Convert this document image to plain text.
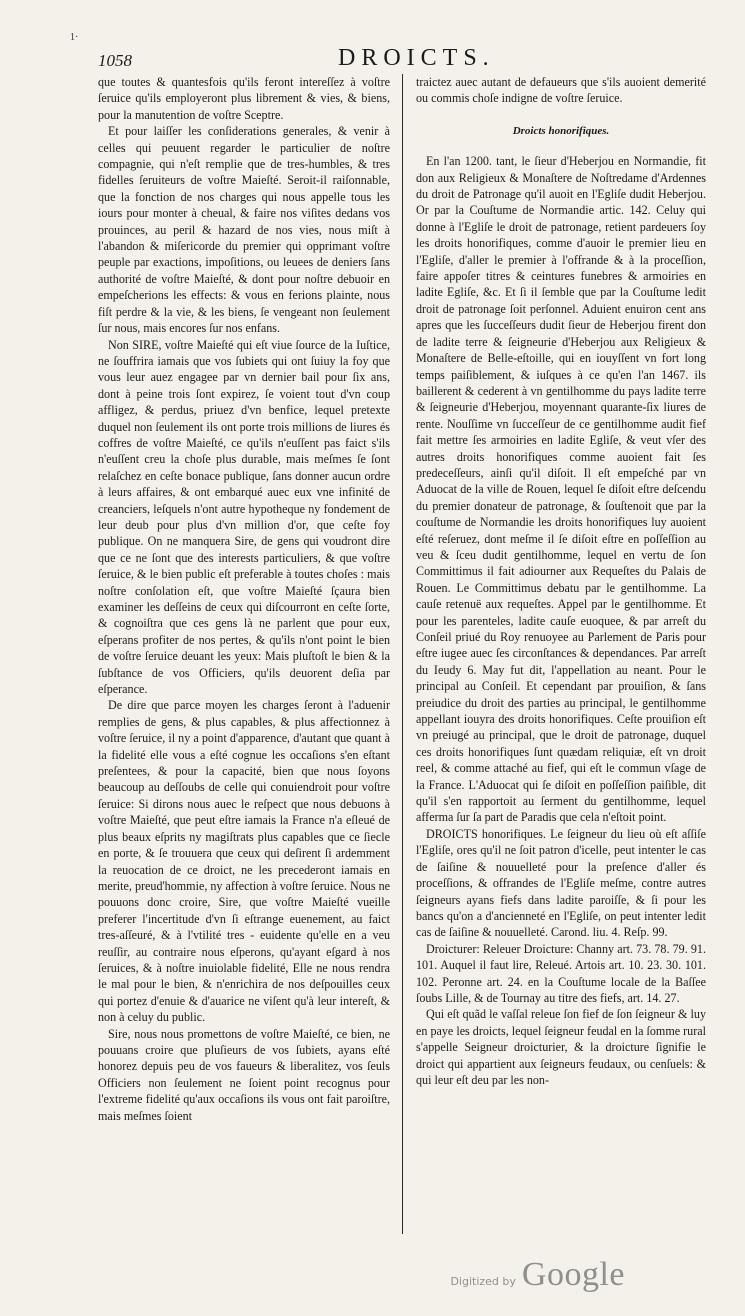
1·
1058	DROICTS.

que toutes & quantesfois qu'ils feront intereſſez à voſtre ſeruice qu'ils employeront plus librement & vies, & biens, pour la manutention de voſtre Sceptre.

Et pour laiſſer les conſiderations generales, & venir à celles qui peuuent regarder le particulier de noſtre compagnie, qui n'eſt remplie que de tres-humbles, & tres fidelles ſeruiteurs de voſtre Maieſté. Seroit-il raiſonnable, que la fonction de nos charges qui nous appelle tous les iours pour monter à cheual, & faire nos viſites dedans vos prouinces, au peril & hazard de nos vies, nous miſt à l'abandon & miſericorde du premier qui opprimant voſtre peuple par exactions, impoſitions, ou leuees de deniers ſans authorité de voſtre Maieſté, & dont pour noſtre debuoir en empeſcherions les effects: & vous en ferions plainte, nous fiſt perdre & la vie, & les biens, ſe vengeant non ſeulement ſur nous, mais encores ſur nos enfans.

Non SIRE, voſtre Maieſté qui eſt viue ſource de la Iuſtice, ne ſouffrira iamais que vos ſubiets qui ont ſuiuy la foy que vous leur auez engagee par vn dernier bail pour ſix ans, dont à peine trois ſont expirez, ſe voient tout d'vn coup affligez, & perdus, priuez d'vn benfice, lequel pretexte duquel non ſeulement ils ont porte trois millions de liures és coffres de voſtre Maieſté, ce qu'ils n'euſſent pas faict s'ils n'euſſent creu la choſe plus durable, mais meſmes ſe ſont relaſchez en ceſte bonace publique, ſans donner aucun ordre à leurs affaires, & ont embarqué auec eux vne infinité de creanciers, leſquels n'ont autre hypotheque ny fondement de leur deub pour plus d'vn million d'or, que ceſte foy publique. On ne manquera Sire, de gens qui voudront dire que ce ne ſont que des interests particuliers, & que voſtre ſeruice, & le bien public eſt preferable à toutes choſes : mais noſtre conſolation eſt, que voſtre Maieſté ſçaura bien examiner les deſſeins de ceux qui diſcourront en ceſte ſorte, & cognoiſtra que ces gens là ne parlent que pour eux, eſperans profiter de nos pertes, & qu'ils n'ont point le bien de voſtre ſeruice deuant les yeux: Mais pluſtoſt le bien & la ſubſtance de vos Officiers, qu'ils deuorent deſia par eſperance.

De dire que parce moyen les charges ſeront à l'aduenir remplies de gens, & plus capables, & plus affectionnez à voſtre ſeruice, il ny a point d'apparence, d'autant que quant à la fidelité elle vous a eſté cognue les occaſions s'en eſtant preſentees, & pour la capacité, bien que nous ſoyons beaucoup au deſſoubs de celle qui conuiendroit pour voſtre ſeruice: Si dirons nous auec le reſpect que nous debuons à voſtre Maieſté, que peut eſtre iamais la France n'a eſleué de plus beaux eſprits ny magiſtrats plus capables que ce ſiecle en porte, & ſe trouuera que ceux qui deſirent ſi ardemment la reuocation de ce droict, ne les precederont iamais en merite, preud'hommie, ny affection à voſtre ſeruice. Nous ne pouuons donc croire, Sire, que voſtre Maieſté vueille preferer l'incertitude d'vn ſi eſtrange euenement, au faict tres-aſſeuré, & à l'vtilité tres - euidente qu'elle en a veu reuſſir, au contraire nous eſperons, qu'ayant eſgard à nos ſeruices, & à noſtre inuiolable fidelité, Elle ne nous rendra le mal pour le bien, & n'enrichira de nos deſpouilles ceux qui portez d'enuie & d'auarice ne viſent qu'à leur intereſt, & non à celuy du public.

Sire, nous nous promettons de voſtre Maieſté, ce bien, ne pouuans croire que pluſieurs de vos ſubiets, ayans eſté honorez depuis peu de vos faueurs & liberalitez, vos ſeuls Officiers non ſeulement ne ſoient point recognus pour l'extreme fidelité qu'aux occaſions ils vous ont fait paroiſtre, mais meſmes ſoient

traictez auec autant de defaueurs que s'ils auoient demerité ou commis choſe indigne de voſtre ſeruice.

Droicts honorifiques.

En l'an 1200. tant, le ſieur d'Heberjou en Normandie, fit don aux Religieux & Monaſtere de Noſtredame d'Ardennes du droit de Patronage qu'il auoit en l'Egliſe dudit Heberjou. Or par la Couſtume de Normandie artic. 142. Celuy qui donne à l'Egliſe le droit de patronage, retient pardeuers ſoy les droits honorifiques, comme d'auoir le premier lieu en l'Egliſe, d'aller le premier à l'offrande & à la proceſſion, faire appoſer titres & ceintures funebres & armoiries en ladite Egliſe, &c. Et ſi il ſemble que par la Couſtume ledit droit de patronage ſoit perſonnel. Aduient enuiron cent ans apres que les ſucceſſeurs dudit ſieur de Heberjou firent don de ladite terre & ſeigneurie d'Heberjou aux Religieux & Monaſtere de Belle-eſtoille, qui en iouyſſent vn fort long temps paiſiblement, & iuſques à ce qu'en l'an 1467. ils baillerent & cederent à vn gentilhomme du pays ladite terre & ſeigneurie d'Heberjou, moyennant quarante-ſix liures de rente. Nouſſime vn ſucceſſeur de ce gentilhomme audit fief fait mettre ſes armoiries en ladite Egliſe, & veut vſer des autres droits honorifiques comme auoient fait ſes predeceſſeurs, ainſi qu'il diſoit. Il eſt empeſché par vn Aduocat de la ville de Rouen, lequel ſe diſoit eſtre deſcendu du premier donateur de patronage, & ſouſtenoit que par la couſtume de Normandie les droits honorifiques luy auoient eſté reſeruez, dont meſme il ſe diſoit eſtre en poſſeſſion au veu & ſceu dudit gentilhomme, lequel en vertu de ſon Committimus il fait adiourner aux Requeſtes du Palais de Rouen. Le Committimus debatu par le gentilhomme. La cauſe retenuë aux requeſtes. Appel par le gentilhomme. Et pour les parenteles, ladite cauſe euoquee, & par arreſt du Conſeil priué du Roy renuoyee au Parlement de Paris pour eſtre iugee auec ſes circonſtances & dependances. Par arreſt du Ieudy 6. May fut dit, l'appellation au neant. Pour le principal au Conſeil. Et cependant par prouiſion, & ſans preiudice du droit des parties au principal, le gentilhomme appellant iouyra des droits honorifiques. Ceſte prouiſion eſt vn preiugé au principal, que le droit de patronage, duquel ces droits honorifiques ſunt quædam reliquiæ, eſt vn droit reel, & comme attaché au fief, qui eſt le commun vſage de la France. L'Aduocat qui ſe diſoit en poſſeſſion paiſible, dit qu'il s'en rapportoit au ſerment du gentilhomme, lequel afferma ſur ſa part de Paradis que cela n'eſtoit point.

DROICTS honorifiques. Le ſeigneur du lieu où eſt aſſiſe l'Egliſe, ores qu'il ne ſoit patron d'icelle, peut intenter le cas de ſaiſine & nouuelleté pour la preſence d'aller és proceſſions, & offrandes de l'Egliſe meſme, contre autres ſeigneurs ayans fiefs dans ladite paroiſſe, & ſi pour les bancs qu'on a d'ancienneté en l'Egliſe, on peut intenter ledit cas de ſaiſine & nouuelleté. Carond. liu. 4. Reſp. 99.

Droicturer: Releuer Droicture: Channy art. 73. 78. 79. 91. 101. Auquel il faut lire, Releué. Artois art. 10. 23. 30. 101. 102. Peronne art. 24. en la Couſtume locale de la Baſſee ſoubs Lille, & de Tournay au titre des fiefs, art. 14. 27.

Qui eſt quãd le vaſſal releue ſon fief de ſon ſeigneur & luy en paye les droicts, lequel ſeigneur feudal en la ſomme rural s'appelle Seigneur droicturier, & la droicture ſignifie le droict qui appartient aux ſeigneurs feudaux, ou cenſuels: & qui leur eſt deu par les non-

Digitized by Google
